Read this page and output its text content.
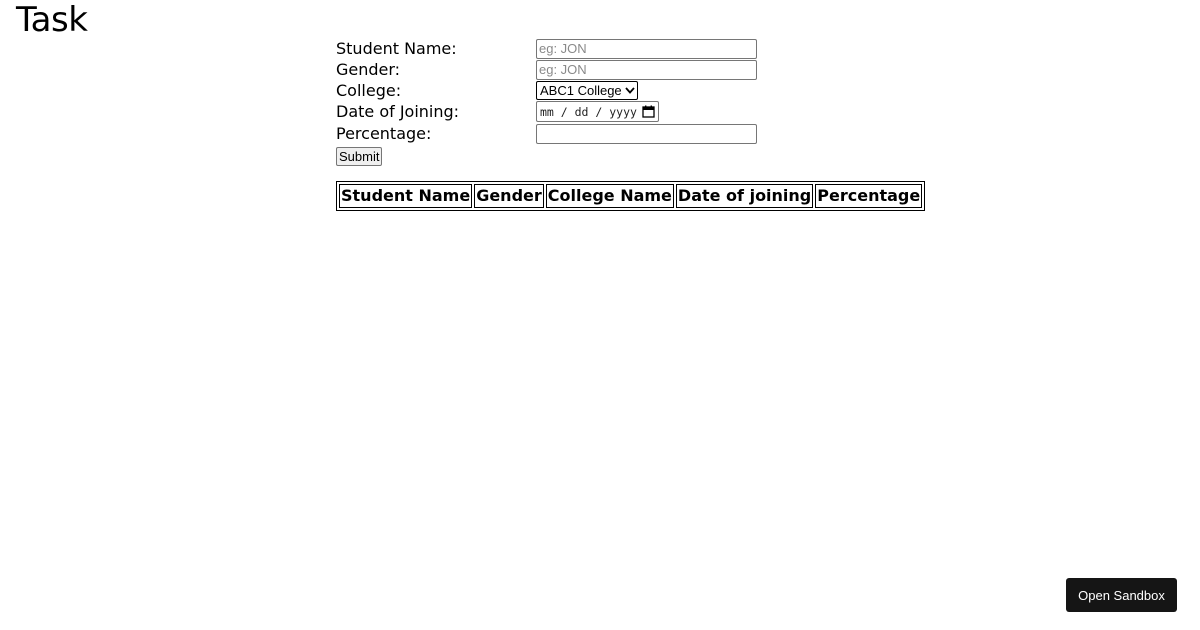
Task
Student Name:
eg: JON
Gender:
eg: JON
College:	ABC1 College
Date of Joining:	mm / dd / yyyy
Percentage:
Submit
Student Name	Gender	College Name	Date of joining	Percentage
Open Sandbox
